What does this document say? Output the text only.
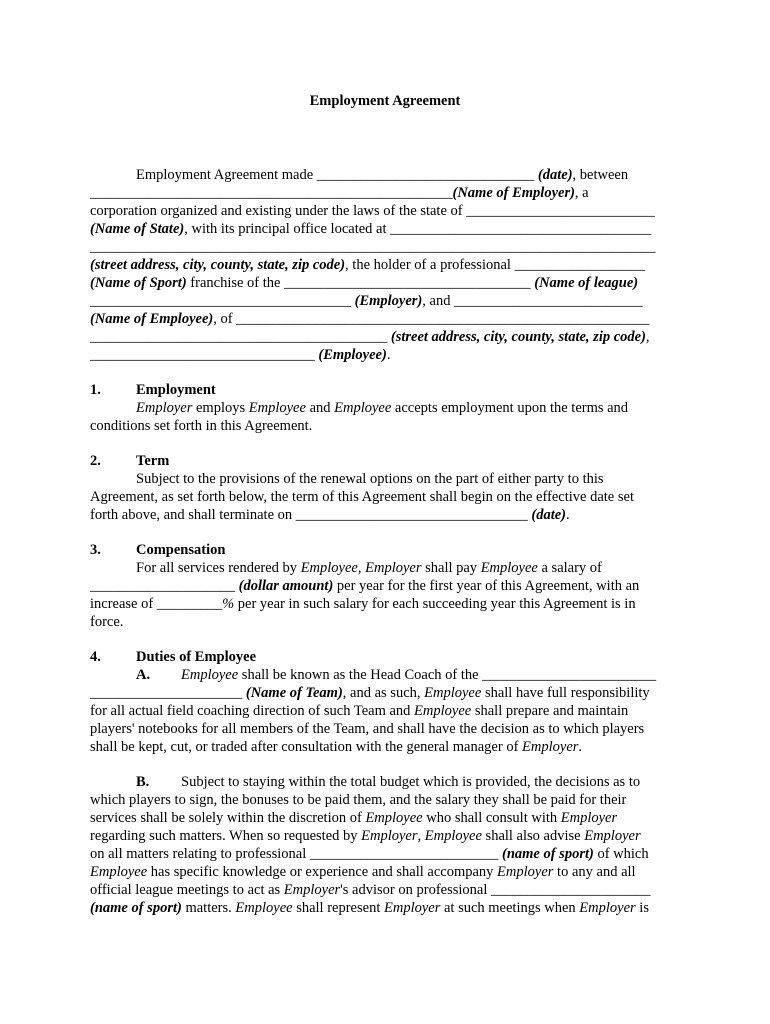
Employment Agreement
Employment Agreement made ______________________________ (date), between
__________________________________________________(Name of Employer), a
corporation organized and existing under the laws of the state of __________________________
(Name of State), with its principal office located at ____________________________________
______________________________________________________________________________
(street address, city, county, state, zip code), the holder of a professional __________________
(Name of Sport) franchise of the __________________________________ (Name of league)
____________________________________ (Employer), and __________________________
(Name of Employee), of _________________________________________________________
_________________________________________ (street address, city, county, state, zip code),
_______________________________ (Employee).
1. Employment
Employer employs Employee and Employee accepts employment upon the terms and
conditions set forth in this Agreement.
2. Term
Subject to the provisions of the renewal options on the part of either party to this
Agreement, as set forth below, the term of this Agreement shall begin on the effective date set
forth above, and shall terminate on ________________________________ (date).
3. Compensation
For all services rendered by Employee, Employer shall pay Employee a salary of
____________________ (dollar amount) per year for the first year of this Agreement, with an
increase of _________% per year in such salary for each succeeding year this Agreement is in
force.
4. Duties of Employee
A. Employee shall be known as the Head Coach of the ________________________
_____________________ (Name of Team), and as such, Employee shall have full responsibility
for all actual field coaching direction of such Team and Employee shall prepare and maintain
players' notebooks for all members of the Team, and shall have the decision as to which players
shall be kept, cut, or traded after consultation with the general manager of Employer.
B. Subject to staying within the total budget which is provided, the decisions as to
which players to sign, the bonuses to be paid them, and the salary they shall be paid for their
services shall be solely within the discretion of Employee who shall consult with Employer
regarding such matters. When so requested by Employer, Employee shall also advise Employer
on all matters relating to professional __________________________ (name of sport) of which
Employee has specific knowledge or experience and shall accompany Employer to any and all
official league meetings to act as Employer's advisor on professional ______________________
(name of sport) matters. Employee shall represent Employer at such meetings when Employer is
